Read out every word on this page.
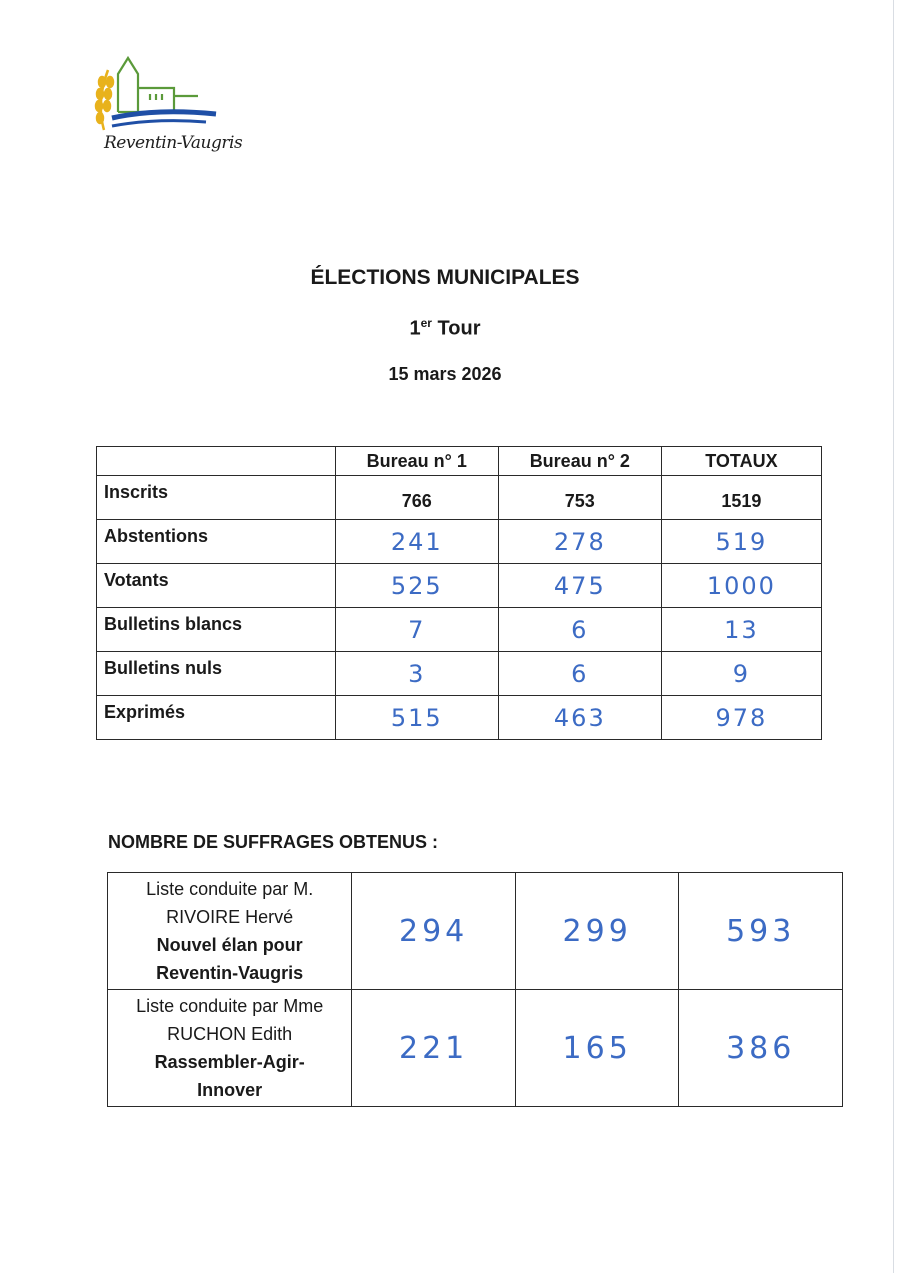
Reventin-Vaugris
ÉLECTIONS MUNICIPALES
1er Tour
15 mars 2026
	Bureau n° 1	Bureau n° 2	TOTAUX
Inscrits	766	753	1519
Abstentions	241	278	519
Votants	525	475	1000
Bulletins blancs	7	6	13
Bulletins nuls	3	6	9
Exprimés	515	463	978
NOMBRE DE SUFFRAGES OBTENUS :
Liste conduite par M.
RIVOIRE Hervé
Nouvel élan pour
Reventin-Vaugris	294	299	593
Liste conduite par Mme
RUCHON Edith
Rassembler-Agir-
Innover	221	165	386
